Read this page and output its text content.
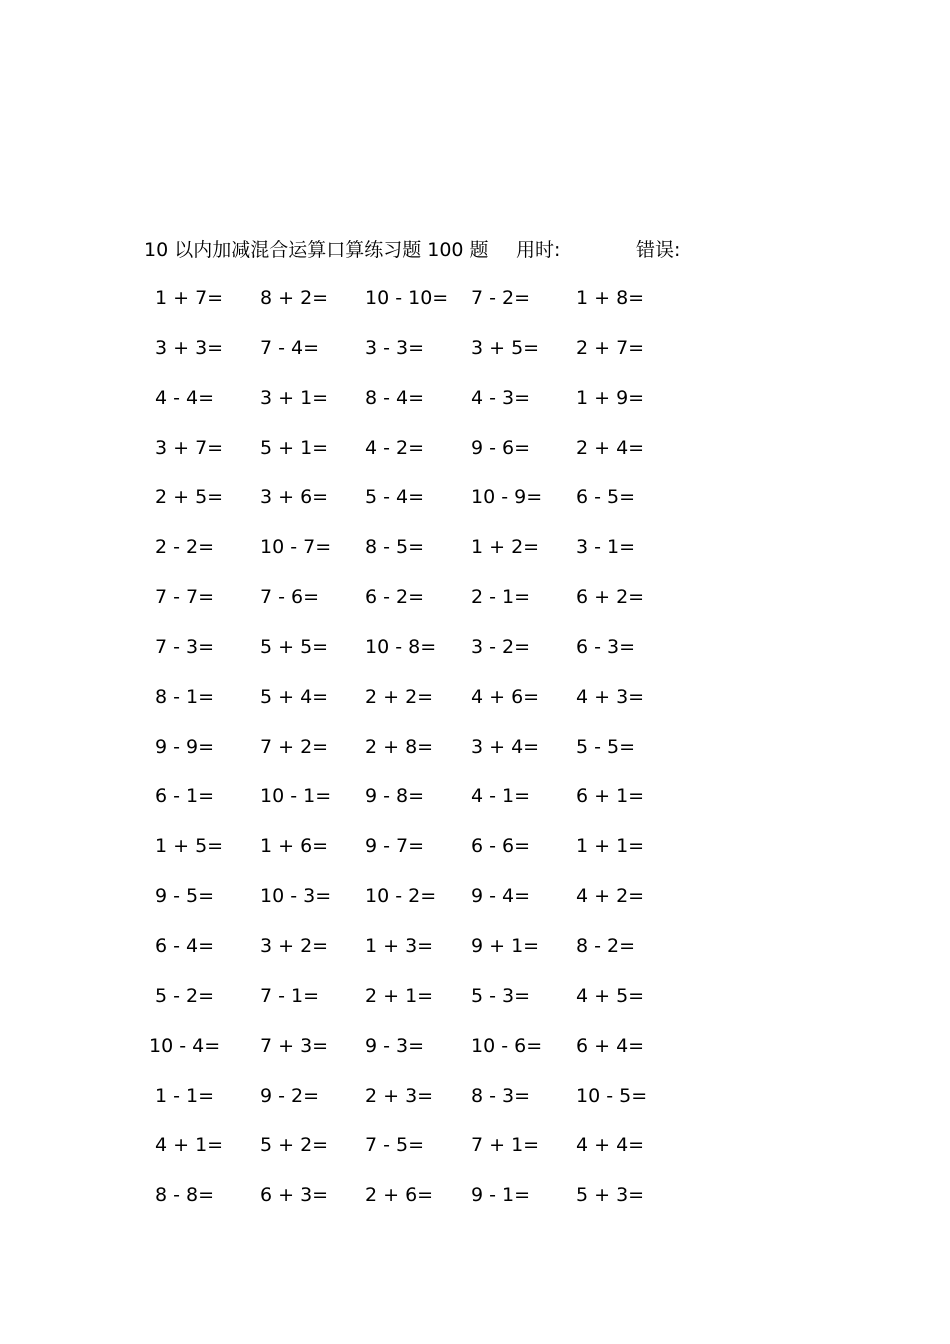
10 以内加减混合运算口算练习题 100 题 用时:	错误:
1 + 7= 8 + 2= 10 - 10= 7 - 2= 1 + 8=
3 + 3= 7 - 4= 3 - 3= 3 + 5= 2 + 7=
4 - 4= 3 + 1= 8 - 4= 4 - 3= 1 + 9=
3 + 7= 5 + 1= 4 - 2= 9 - 6= 2 + 4=
2 + 5= 3 + 6= 5 - 4= 10 - 9= 6 - 5=
2 - 2= 10 - 7= 8 - 5= 1 + 2= 3 - 1=
7 - 7= 7 - 6= 6 - 2= 2 - 1= 6 + 2=
7 - 3= 5 + 5= 10 - 8= 3 - 2= 6 - 3=
8 - 1= 5 + 4= 2 + 2= 4 + 6= 4 + 3=
9 - 9= 7 + 2= 2 + 8= 3 + 4= 5 - 5=
6 - 1= 10 - 1= 9 - 8= 4 - 1= 6 + 1=
1 + 5= 1 + 6= 9 - 7= 6 - 6= 1 + 1=
9 - 5= 10 - 3= 10 - 2= 9 - 4= 4 + 2=
6 - 4= 3 + 2= 1 + 3= 9 + 1= 8 - 2=
5 - 2= 7 - 1= 2 + 1= 5 - 3= 4 + 5=
10 - 4= 7 + 3= 9 - 3= 10 - 6= 6 + 4=
1 - 1= 9 - 2= 2 + 3= 8 - 3= 10 - 5=
4 + 1= 5 + 2= 7 - 5= 7 + 1= 4 + 4=
8 - 8= 6 + 3= 2 + 6= 9 - 1= 5 + 3=
